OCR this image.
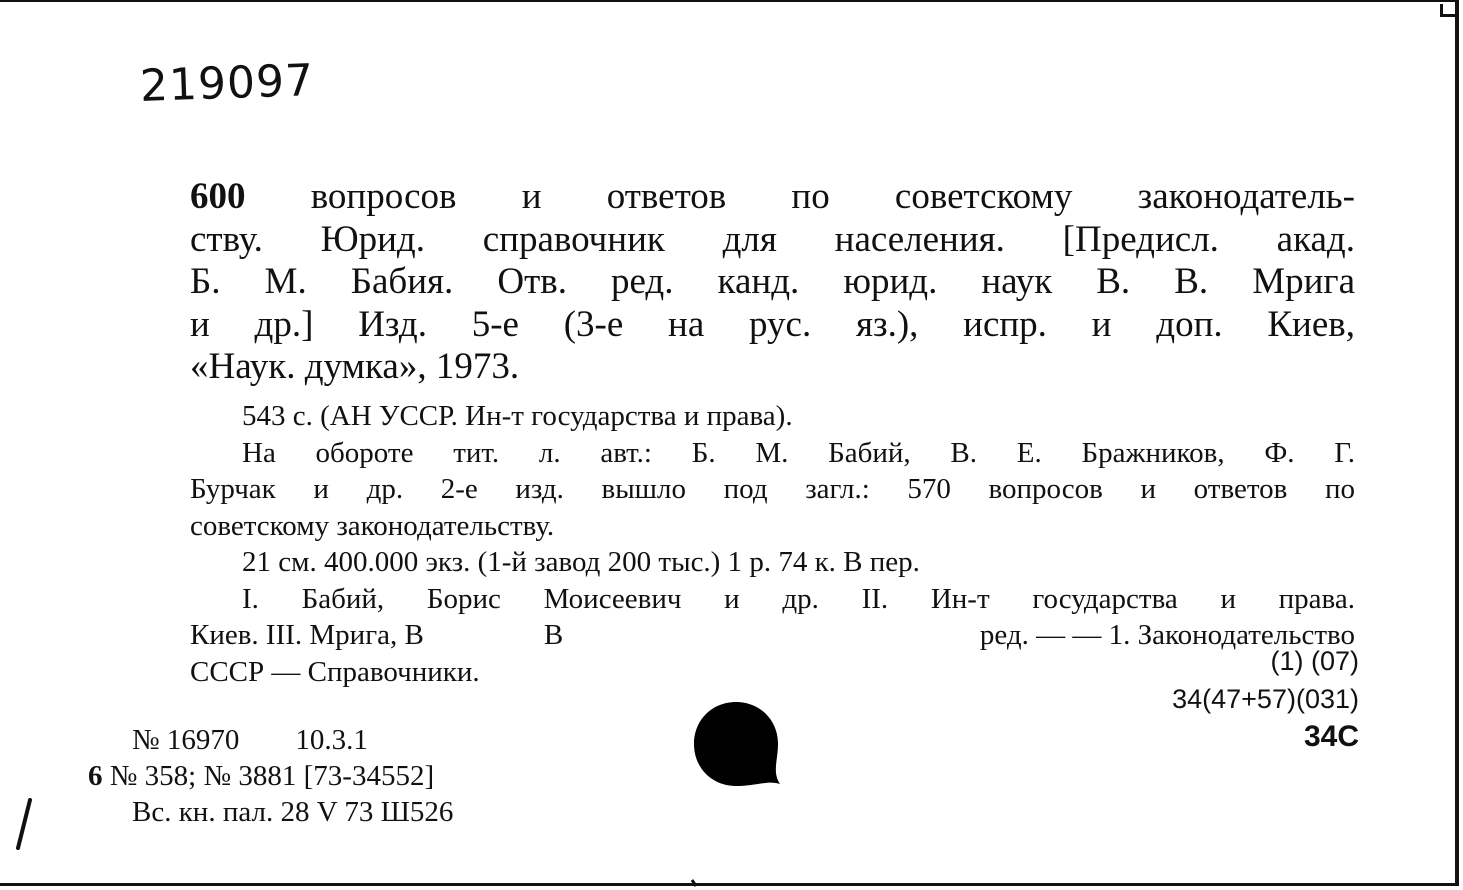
219097
600 вопросов и ответов по советскому законодатель-
ству. Юрид. справочник для населения. [Предисл. акад.
Б. М. Бабия. Отв. ред. канд. юрид. наук В. В. Мрига
и др.] Изд. 5-е (3-е на рус. яз.), испр. и доп. Киев,
«Наук. думка», 1973.
543 с. (АН УССР. Ин-т государства и права).
На обороте тит. л. авт.: Б. М. Бабий, В. Е. Бражников, Ф. Г.
Бурчак и др. 2-е изд. вышло под загл.: 570 вопросов и ответов по
советскому законодательству.
21 см. 400.000 экз. (1-й завод 200 тыс.) 1 р. 74 к. В пер.
I. Бабий, Борис Моисеевич и др. II. Ин-т государства и права.
Киев. III. Мрига, В	В	ред. — — 1. Законодательство
СССР — Справочники.	(1) (07)
34(47+57)(031)
34С
№ 16970 10.3.1
6 № 358; № 3881 [73-34552]
Вс. кн. пал. 28 V 73 Ш526
